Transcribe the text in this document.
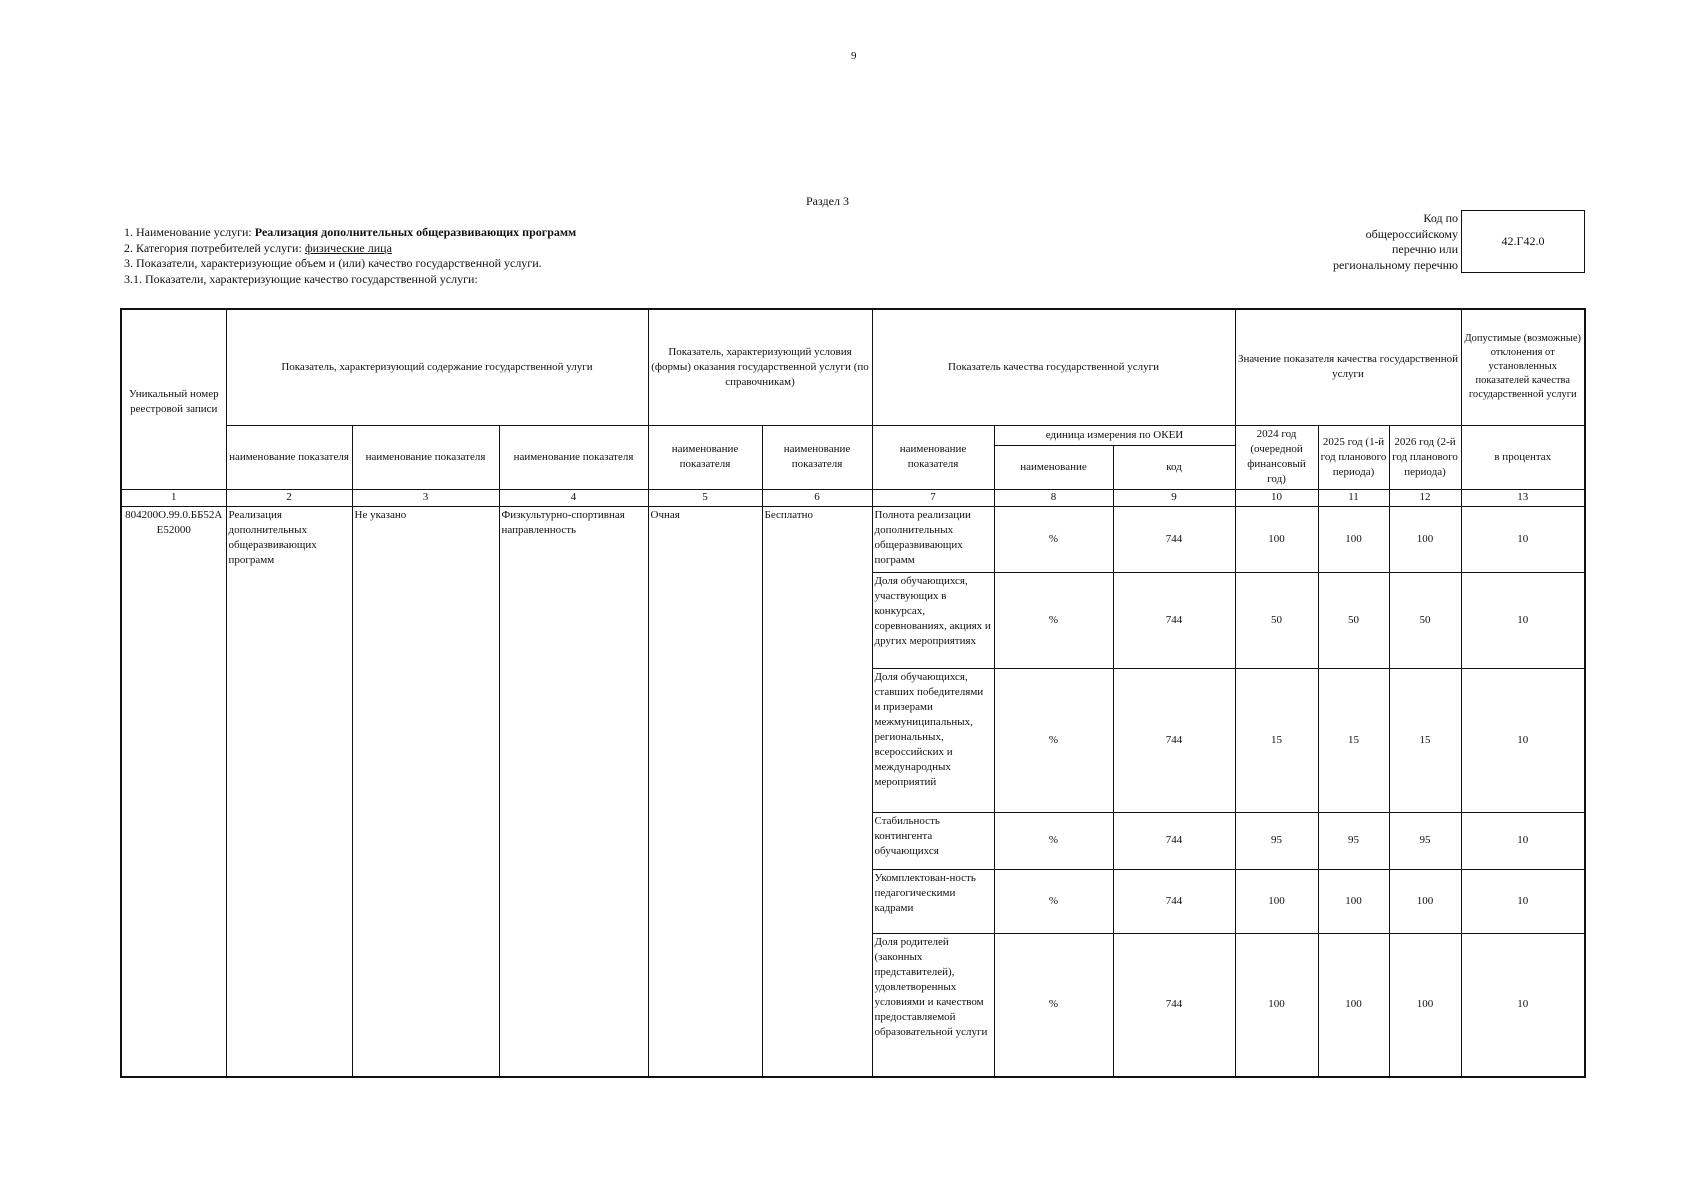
9
Раздел 3
1. Наименование услуги: Реализация дополнительных общеразвивающих программ
2. Категория потребителей услуги: физические лица
3. Показатели, характеризующие объем и (или) качество государственной услуги.
3.1. Показатели, характеризующие качество государственной услуги:
Код по
общероссийскому
перечню или
региональному перечню
42.Г42.0
Уникальный номер реестровой записи	Показатель, характеризующий содержание государственной улуги			Показатель, характеризующий условия (формы) оказания государственной услуги (по справочникам)		Показатель качества государственной услуги			Значение показателя качества государственной услуги			Допустимые (возможные) отклонения от установленных показателей качества государственной услуги
	наименование показателя	наименование показателя	наименование показателя	наименование показателя	наименование показателя	наименование показателя	единица измерения по ОКЕИ		2024 год (очередной финансовый год)	2025 год (1-й год планового периода)	2026 год (2-й год планового периода)	в процентах
							наименование	код				
1	2	3	4	5	6	7	8	9	10	11	12	13
804200О.99.0.ББ52АЕ52000	Реализация дополнительных общеразвивающих программ	Не указано	Физкультурно-спортивная направленность	Очная	Бесплатно	Полнота реализации дополнительных общеразвивающих пограмм	%	744	100	100	100	10
						Доля обучающихся, участвующих в конкурсах, соревнованиях, акциях и других мероприятиях	%	744	50	50	50	10
						Доля обучающихся, ставших победителями и призерами межмуниципальных, региональных, всероссийских и международных мероприятий	%	744	15	15	15	10
						Стабильность контингента обучающихся	%	744	95	95	95	10
						Укомплектован-ность педагогическими кадрами	%	744	100	100	100	10
						Доля родителей (законных представителей), удовлетворенных условиями и качеством предоставляемой образовательной услуги	%	744	100	100	100	10
